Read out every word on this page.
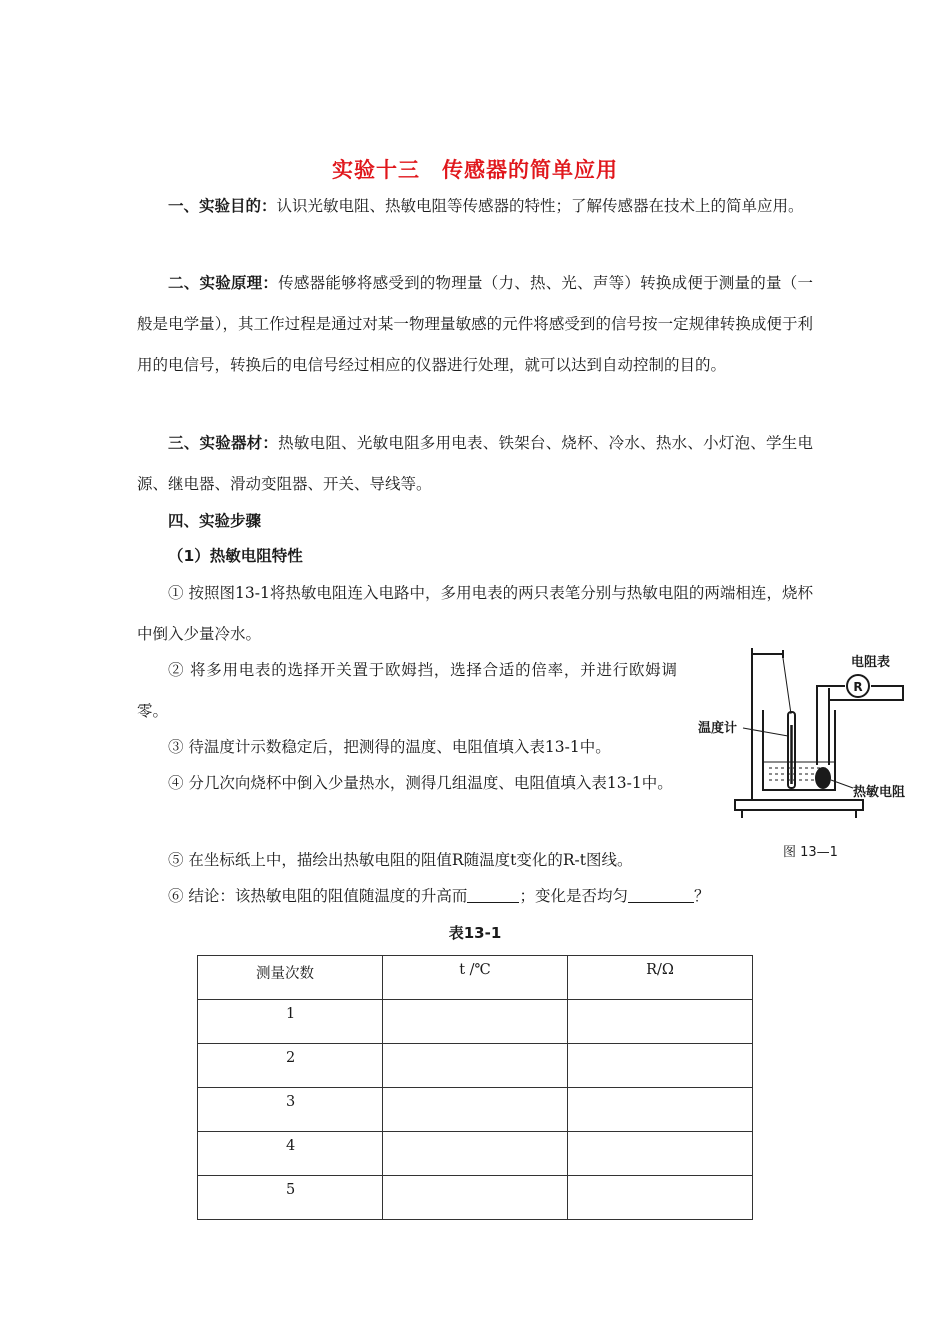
实验十三　传感器的简单应用

一、实验目的：认识光敏电阻、热敏电阻等传感器的特性；了解传感器在技术上的简单应用。

二、实验原理：传感器能够将感受到的物理量（力、热、光、声等）转换成便于测量的量（一般是电学量），其工作过程是通过对某一物理量敏感的元件将感受到的信号按一定规律转换成便于利用的电信号，转换后的电信号经过相应的仪器进行处理，就可以达到自动控制的目的。

三、实验器材：热敏电阻、光敏电阻多用电表、铁架台、烧杯、冷水、热水、小灯泡、学生电源、继电器、滑动变阻器、开关、导线等。

四、实验步骤
（1）热敏电阻特性

① 按照图13-1将热敏电阻连入电路中，多用电表的两只表笔分别与热敏电阻的两端相连，烧杯中倒入少量冷水。

② 将多用电表的选择开关置于欧姆挡，选择合适的倍率，并进行欧姆调零。

③ 待温度计示数稳定后，把测得的温度、电阻值填入表13-1中。

④ 分几次向烧杯中倒入少量热水，测得几组温度、电阻值填入表13-1中。

⑤ 在坐标纸上中，描绘出热敏电阻的阻值R随温度t变化的R-t图线。

⑥ 结论：该热敏电阻的阻值随温度的升高而	；变化是否均匀	？

R
电阻表
温度计
热敏电阻
图 13—1
表13-1
测量次数	t /℃	R/Ω
1		
2		
3		
4		
5		
